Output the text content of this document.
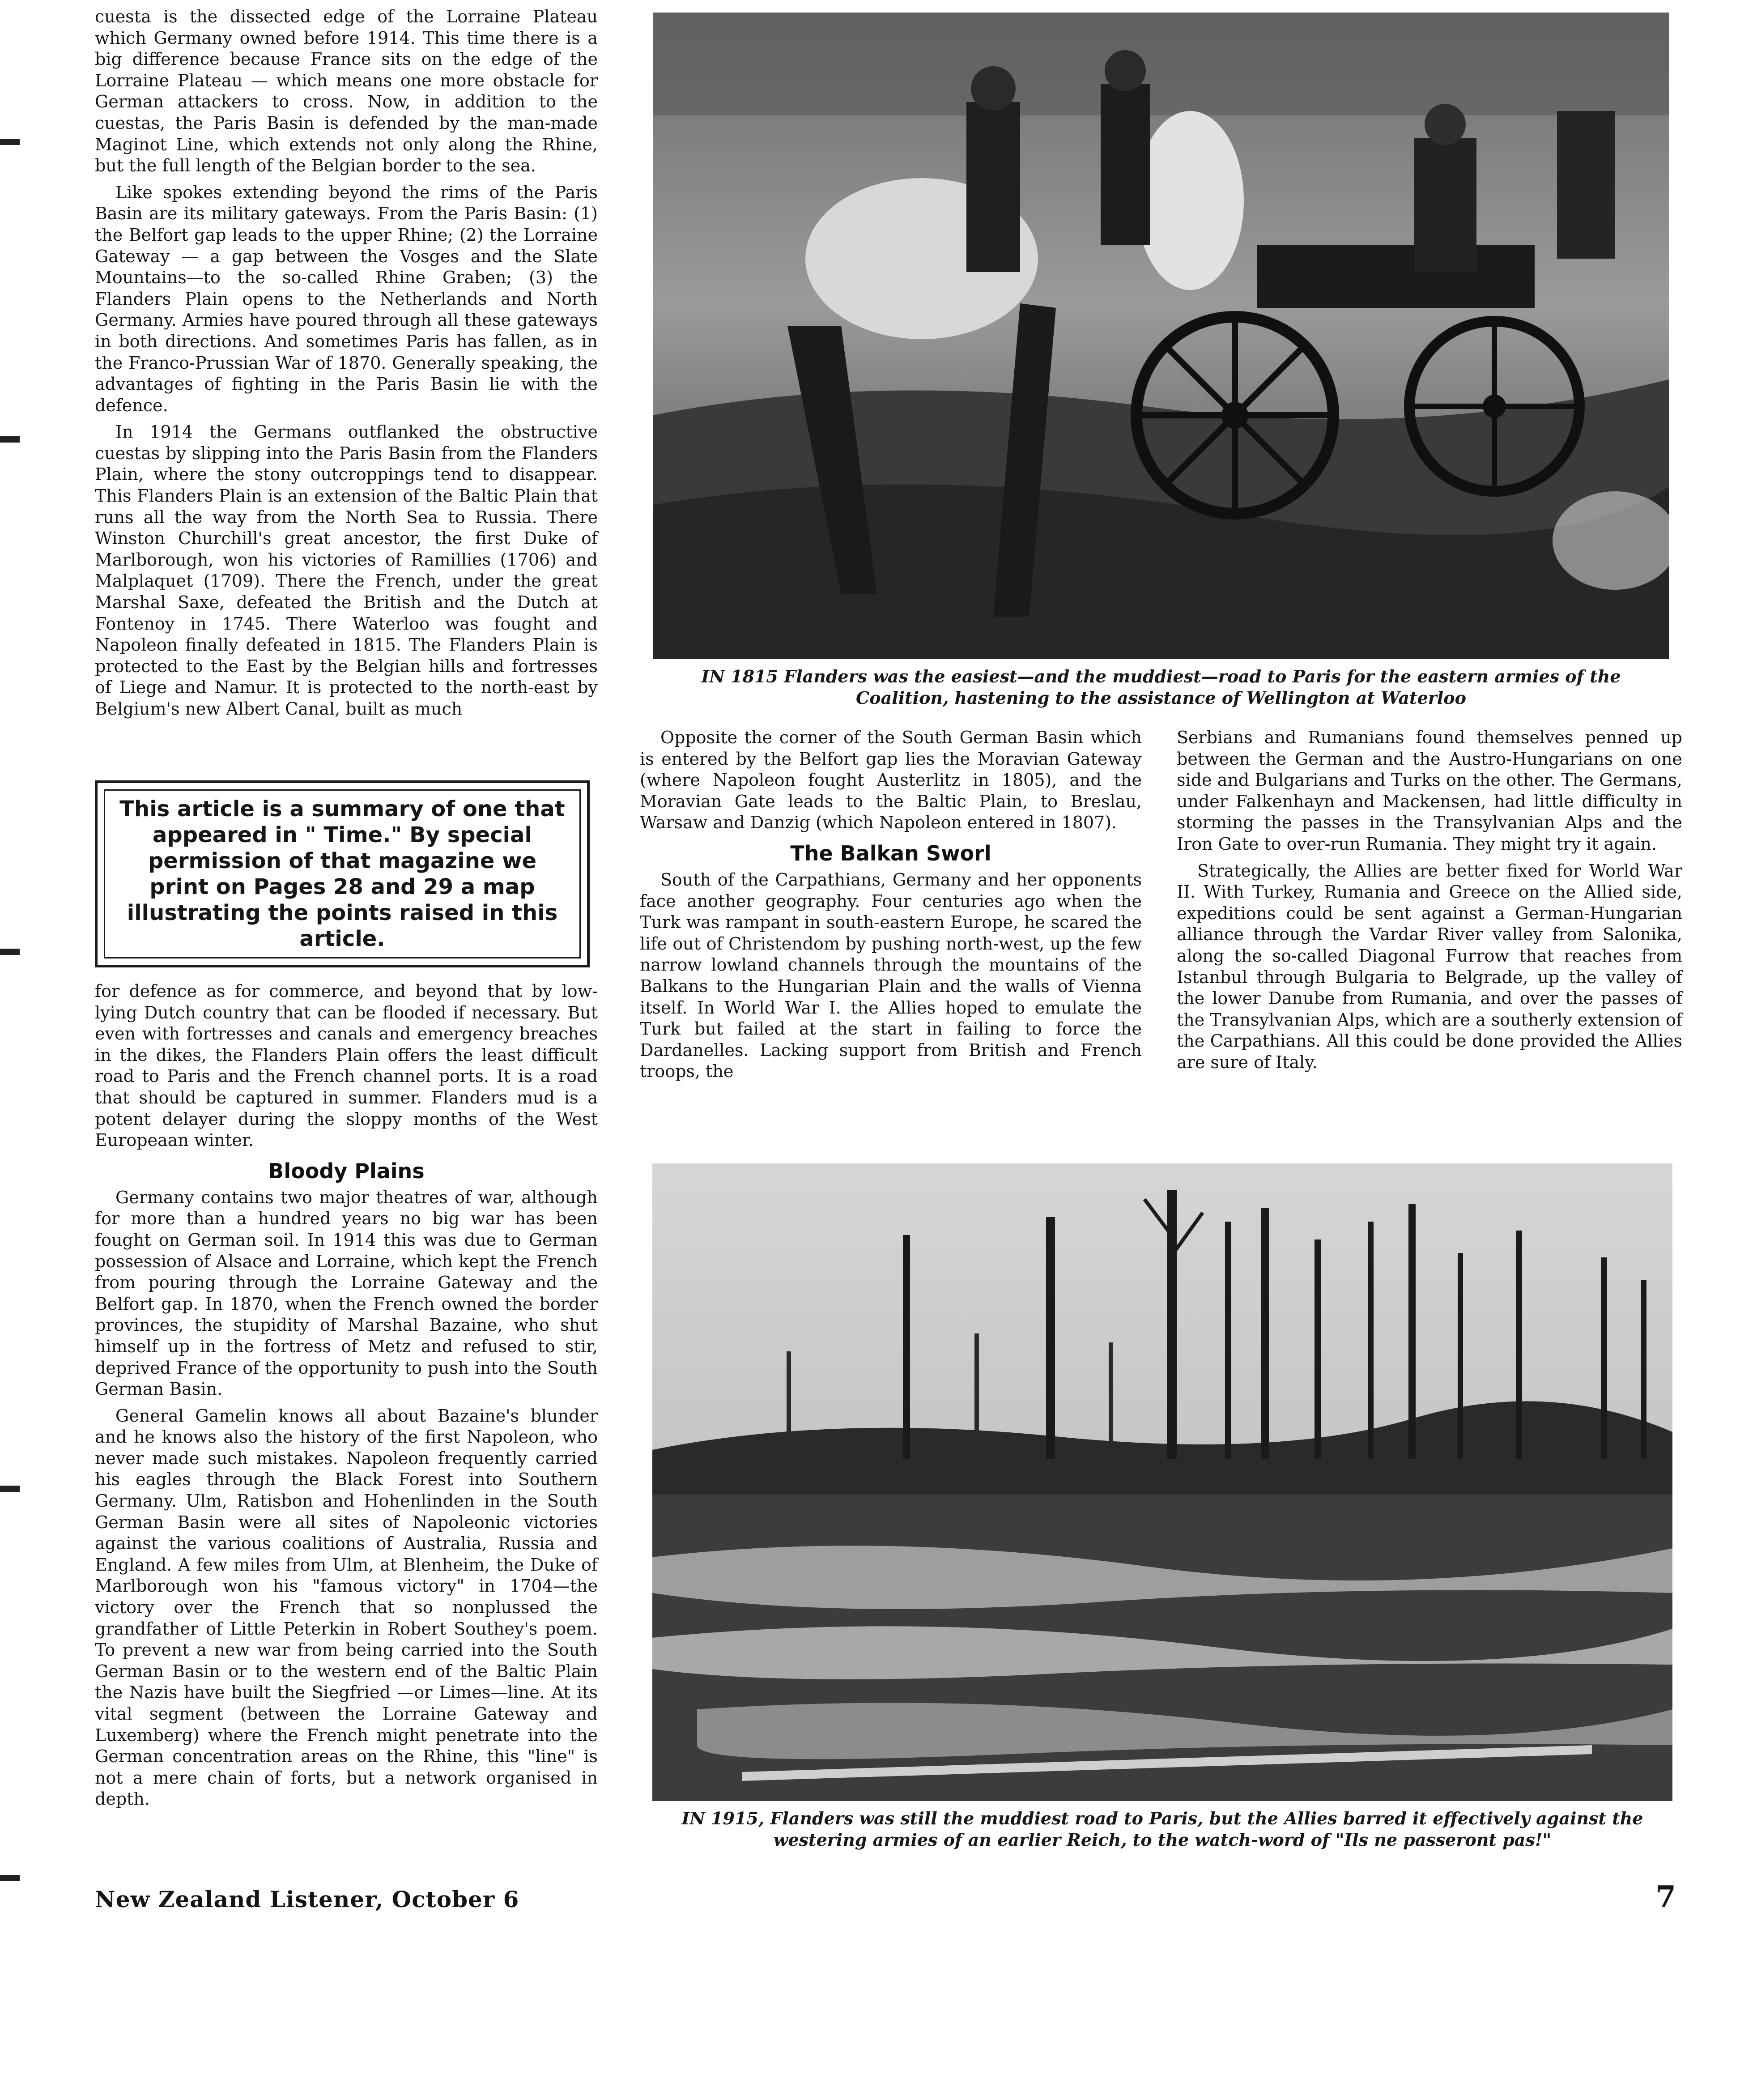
cuesta is the dissected edge of the Lorraine Plateau which Germany owned before 1914. This time there is a big difference because France sits on the edge of the Lorraine Plateau — which means one more obstacle for German attackers to cross. Now, in addition to the cuestas, the Paris Basin is defended by the man-made Maginot Line, which extends not only along the Rhine, but the full length of the Belgian border to the sea.

Like spokes extending beyond the rims of the Paris Basin are its military gateways. From the Paris Basin: (1) the Belfort gap leads to the upper Rhine; (2) the Lorraine Gateway — a gap between the Vosges and the Slate Mountains—to the so-called Rhine Graben; (3) the Flanders Plain opens to the Netherlands and North Germany. Armies have poured through all these gateways in both directions. And sometimes Paris has fallen, as in the Franco-Prussian War of 1870. Generally speaking, the advantages of fighting in the Paris Basin lie with the defence.

In 1914 the Germans outflanked the obstructive cuestas by slipping into the Paris Basin from the Flanders Plain, where the stony outcroppings tend to disappear. This Flanders Plain is an extension of the Baltic Plain that runs all the way from the North Sea to Russia. There Winston Churchill's great ancestor, the first Duke of Marlborough, won his victories of Ramillies (1706) and Malplaquet (1709). There the French, under the great Marshal Saxe, defeated the British and the Dutch at Fontenoy in 1745. There Waterloo was fought and Napoleon finally defeated in 1815. The Flanders Plain is protected to the East by the Belgian hills and fortresses of Liege and Namur. It is protected to the north-east by Belgium's new Albert Canal, built as much

This article is a summary of one that appeared in " Time." By special permission of that magazine we print on Pages 28 and 29 a map illustrating the points raised in this article.

for defence as for commerce, and beyond that by low-lying Dutch country that can be flooded if necessary. But even with fortresses and canals and emergency breaches in the dikes, the Flanders Plain offers the least difficult road to Paris and the French channel ports. It is a road that should be captured in summer. Flanders mud is a potent delayer during the sloppy months of the West Europeaan winter.

Bloody Plains

Germany contains two major theatres of war, although for more than a hundred years no big war has been fought on German soil. In 1914 this was due to German possession of Alsace and Lorraine, which kept the French from pouring through the Lorraine Gateway and the Belfort gap. In 1870, when the French owned the border provinces, the stupidity of Marshal Bazaine, who shut himself up in the fortress of Metz and refused to stir, deprived France of the opportunity to push into the South German Basin.

General Gamelin knows all about Bazaine's blunder and he knows also the history of the first Napoleon, who never made such mistakes. Napoleon frequently carried his eagles through the Black Forest into Southern Germany. Ulm, Ratisbon and Hohenlinden in the South German Basin were all sites of Napoleonic victories against the various coalitions of Australia, Russia and England. A few miles from Ulm, at Blenheim, the Duke of Marlborough won his "famous victory" in 1704—the victory over the French that so nonplussed the grandfather of Little Peterkin in Robert Southey's poem. To prevent a new war from being carried into the South German Basin or to the western end of the Baltic Plain the Nazis have built the Siegfried —or Limes—line. At its vital segment (between the Lorraine Gateway and Luxemberg) where the French might penetrate into the German concentration areas on the Rhine, this "line" is not a mere chain of forts, but a network organised in depth.

IN 1815 Flanders was the easiest—and the muddiest—road to Paris for the eastern armies of the Coalition, hastening to the assistance of Wellington at Waterloo

Opposite the corner of the South German Basin which is entered by the Belfort gap lies the Moravian Gateway (where Napoleon fought Austerlitz in 1805), and the Moravian Gate leads to the Baltic Plain, to Breslau, Warsaw and Danzig (which Napoleon entered in 1807).

The Balkan Sworl

South of the Carpathians, Germany and her opponents face another geography. Four centuries ago when the Turk was rampant in south-eastern Europe, he scared the life out of Christendom by pushing north-west, up the few narrow lowland channels through the mountains of the Balkans to the Hungarian Plain and the walls of Vienna itself. In World War I. the Allies hoped to emulate the Turk but failed at the start in failing to force the Dardanelles. Lacking support from British and French troops, the

Serbians and Rumanians found themselves penned up between the German and the Austro-Hungarians on one side and Bulgarians and Turks on the other. The Germans, under Falkenhayn and Mackensen, had little difficulty in storming the passes in the Transylvanian Alps and the Iron Gate to over-run Rumania. They might try it again.

Strategically, the Allies are better fixed for World War II. With Turkey, Rumania and Greece on the Allied side, expeditions could be sent against a German-Hungarian alliance through the Vardar River valley from Salonika, along the so-called Diagonal Furrow that reaches from Istanbul through Bulgaria to Belgrade, up the valley of the lower Danube from Rumania, and over the passes of the Transylvanian Alps, which are a southerly extension of the Carpathians. All this could be done provided the Allies are sure of Italy.

IN 1915, Flanders was still the muddiest road to Paris, but the Allies barred it effectively against the westering armies of an earlier Reich, to the watch-word of "Ils ne passeront pas!"
New Zealand Listener, October 6	7
